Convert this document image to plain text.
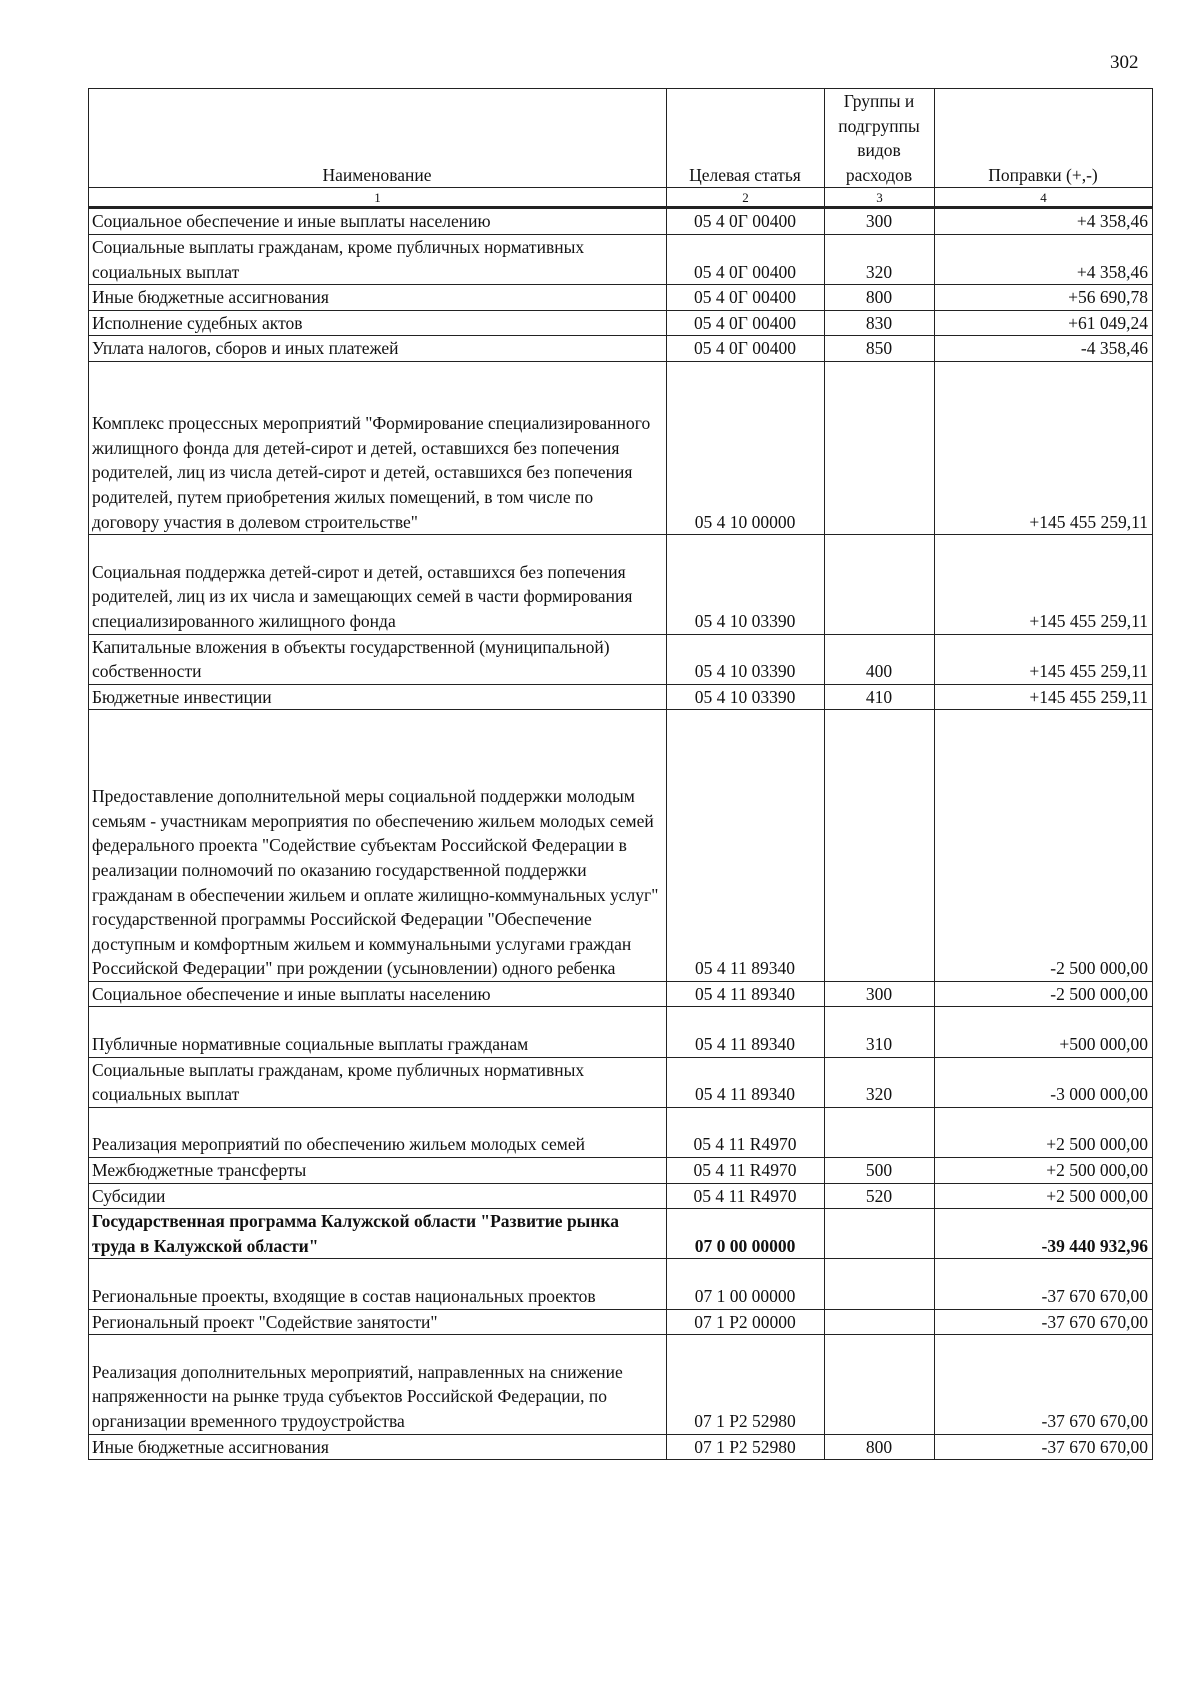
302
Наименование	Целевая статья	Группы и подгруппы видов расходов	Поправки (+,-)
1	2	3	4
Социальное обеспечение и иные выплаты населению	05 4 0Г 00400	300	+4 358,46
Социальные выплаты гражданам, кроме публичных нормативных социальных выплат	05 4 0Г 00400	320	+4 358,46
Иные бюджетные ассигнования	05 4 0Г 00400	800	+56 690,78
Исполнение судебных актов	05 4 0Г 00400	830	+61 049,24
Уплата налогов, сборов и иных платежей	05 4 0Г 00400	850	-4 358,46
Комплекс процессных мероприятий "Формирование специализированного жилищного фонда для детей-сирот и детей, оставшихся без попечения родителей, лиц из числа детей-сирот и детей, оставшихся без попечения родителей, путем приобретения жилых помещений, в том числе по договору участия в долевом строительстве"	05 4 10 00000		+145 455 259,11
Социальная поддержка детей-сирот и детей, оставшихся без попечения родителей, лиц из их числа и замещающих семей в части формирования специализированного жилищного фонда	05 4 10 03390		+145 455 259,11
Капитальные вложения в объекты государственной (муниципальной) собственности	05 4 10 03390	400	+145 455 259,11
Бюджетные инвестиции	05 4 10 03390	410	+145 455 259,11
Предоставление дополнительной меры социальной поддержки молодым семьям - участникам мероприятия по обеспечению жильем молодых семей федерального проекта "Содействие субъектам Российской Федерации в реализации полномочий по оказанию государственной поддержки гражданам в обеспечении жильем и оплате жилищно-коммунальных услуг" государственной программы Российской Федерации "Обеспечение доступным и комфортным жильем и коммунальными услугами граждан Российской Федерации" при рождении (усыновлении) одного ребенка	05 4 11 89340		-2 500 000,00
Социальное обеспечение и иные выплаты населению	05 4 11 89340	300	-2 500 000,00
Публичные нормативные социальные выплаты гражданам	05 4 11 89340	310	+500 000,00
Социальные выплаты гражданам, кроме публичных нормативных социальных выплат	05 4 11 89340	320	-3 000 000,00
Реализация мероприятий по обеспечению жильем молодых семей	05 4 11 R4970		+2 500 000,00
Межбюджетные трансферты	05 4 11 R4970	500	+2 500 000,00
Субсидии	05 4 11 R4970	520	+2 500 000,00
Государственная программа Калужской области "Развитие рынка труда в Калужской области"	07 0 00 00000		-39 440 932,96
Региональные проекты, входящие в состав национальных проектов	07 1 00 00000		-37 670 670,00
Региональный проект "Содействие занятости"	07 1 P2 00000		-37 670 670,00
Реализация дополнительных мероприятий, направленных на снижение напряженности на рынке труда субъектов Российской Федерации, по организации временного трудоустройства	07 1 P2 52980		-37 670 670,00
Иные бюджетные ассигнования	07 1 P2 52980	800	-37 670 670,00
